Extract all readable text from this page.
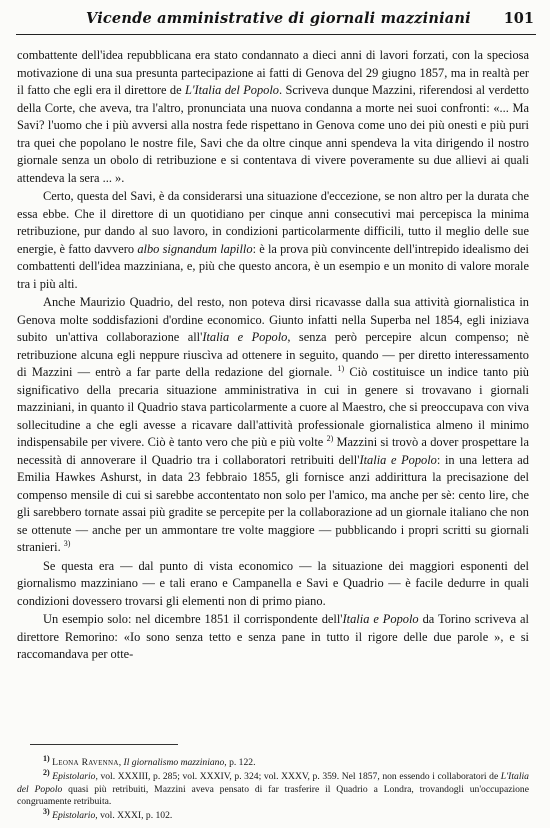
Vicende amministrative di giornali mazziniani 101

combattente dell'idea repubblicana era stato condannato a dieci anni di lavori forzati, con la speciosa motivazione di una sua presunta partecipazione ai fatti di Genova del 29 giugno 1857, ma in realtà per il fatto che egli era il direttore de L'Italia del Popolo. Scriveva dunque Mazzini, riferendosi al verdetto della Corte, che aveva, tra l'altro, pronunciata una nuova condanna a morte nei suoi confronti: «... Ma Savi? l'uomo che i più avversi alla nostra fede rispettano in Genova come uno dei più onesti e più puri tra quei che popolano le nostre file, Savi che da oltre cinque anni spendeva la vita dirigendo il nostro giornale senza un obolo di retribuzione e si contentava di vivere poveramente su due allievi ai quali attendeva la sera ... ».

Certo, questa del Savi, è da considerarsi una situazione d'eccezione, se non altro per la durata che essa ebbe. Che il direttore di un quotidiano per cinque anni consecutivi mai percepisca la minima retribuzione, pur dando al suo lavoro, in condizioni particolarmente difficili, tutto il meglio delle sue energie, è fatto davvero albo signandum lapillo: è la prova più convincente dell'intrepido idealismo dei combattenti dell'idea mazziniana, e, più che questo ancora, è un esempio e un monito di valore morale tra i più alti.

Anche Maurizio Quadrio, del resto, non poteva dirsi ricavasse dalla sua attività giornalistica in Genova molte soddisfazioni d'ordine economico. Giunto infatti nella Superba nel 1854, egli iniziava subito un'attiva collaborazione all'Italia e Popolo, senza però percepire alcun compenso; nè retribuzione alcuna egli neppure riuscìva ad ottenere in seguito, quando — per diretto interessamento di Mazzini — entrò a far parte della redazione del giornale. $^{1)}$ Ciò costituisce un indice tanto più significativo della precaria situazione amministrativa in cui in genere si trovavano i giornali mazziniani, in quanto il Quadrio stava particolarmente a cuore al Maestro, che si preoccupava con viva sollecitudine a che egli avesse a ricavare dall'attività professionale giornalistica almeno il minimo indispensabile per vivere. Ciò è tanto vero che più e più volte $^{2)}$ Mazzini si trovò a dover prospettare la necessità di annoverare il Quadrio tra i collaboratori retribuiti dell'Italia e Popolo: in una lettera ad Emilia Hawkes Ashurst, in data 23 febbraio 1855, gli fornisce anzi addirittura la precisazione del compenso mensile di cui si sarebbe accontentato non solo per l'amico, ma anche per sè: cento lire, che gli sarebbero tornate assai più gradite se percepite per la collaborazione ad un giornale italiano che non se ottenute — anche per un ammontare tre volte maggiore — pubblicando i propri scritti su giornali stranieri. $^{3)}$

Se questa era — dal punto di vista economico — la situazione dei maggiori esponenti del giornalismo mazziniano — e tali erano e Campanella e Savi e Quadrio — è facile dedurre in quali condizioni dovessero trovarsi gli elementi non di primo piano.

Un esempio solo: nel dicembre 1851 il corrispondente dell'Italia e Popolo da Torino scriveva al direttore Remorino: «Io sono senza tetto e senza pane in tutto il rigore delle due parole », e si raccomandava per otte-

$^{1)}$ Leona Ravenna, Il giornalismo mazziniano, p. 122.

$^{2)}$ Epistolario, vol. XXXIII, p. 285; vol. XXXIV, p. 324; vol. XXXV, p. 359. Nel 1857, non essendo i collaboratori de L'Italia del Popolo quasi più retribuiti, Mazzini aveva pensato di far trasferire il Quadrio a Londra, trovandogli un'occupazione congruamente retribuita.

$^{3)}$ Epistolario, vol. XXXI, p. 102.
